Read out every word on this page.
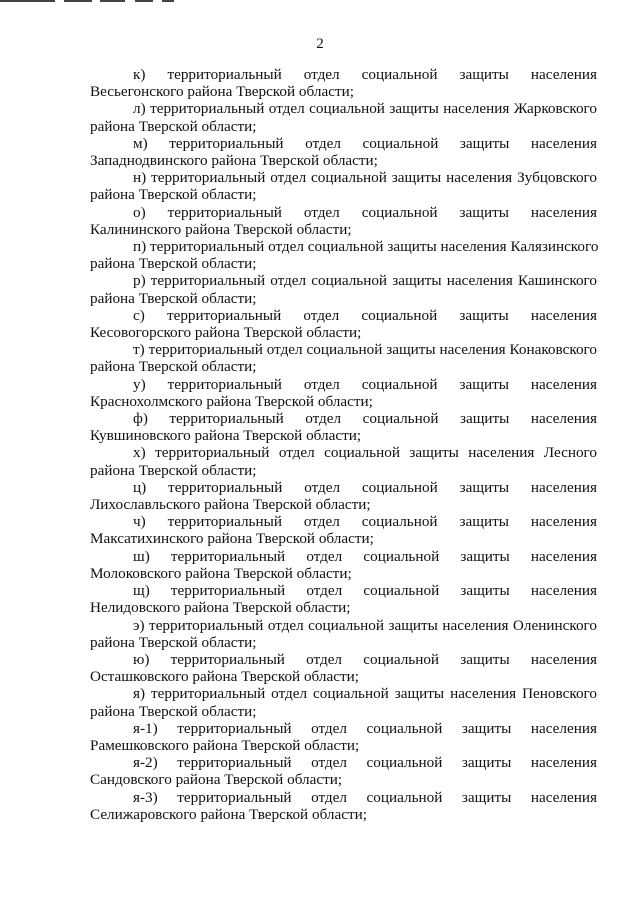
2
к) территориальный отдел социальной защиты населения
Весьегонского района Тверской области;
л) территориальный отдел социальной защиты населения Жарковского
района Тверской области;
м) территориальный отдел социальной защиты населения
Западнодвинского района Тверской области;
н) территориальный отдел социальной защиты населения Зубцовского
района Тверской области;
о) территориальный отдел социальной защиты населения
Калининского района Тверской области;
п) территориальный отдел социальной защиты населения Калязинского
района Тверской области;
р) территориальный отдел социальной защиты населения Кашинского
района Тверской области;
с) территориальный отдел социальной защиты населения
Кесовогорского района Тверской области;
т) территориальный отдел социальной защиты населения Конаковского
района Тверской области;
у) территориальный отдел социальной защиты населения
Краснохолмского района Тверской области;
ф) территориальный отдел социальной защиты населения
Кувшиновского района Тверской области;
х) территориальный отдел социальной защиты населения Лесного
района Тверской области;
ц) территориальный отдел социальной защиты населения
Лихославльского района Тверской области;
ч) территориальный отдел социальной защиты населения
Максатихинского района Тверской области;
ш) территориальный отдел социальной защиты населения
Молоковского района Тверской области;
щ) территориальный отдел социальной защиты населения
Нелидовского района Тверской области;
э) территориальный отдел социальной защиты населения Оленинского
района Тверской области;
ю) территориальный отдел социальной защиты населения
Осташковского района Тверской области;
я) территориальный отдел социальной защиты населения Пеновского
района Тверской области;
я-1) территориальный отдел социальной защиты населения
Рамешковского района Тверской области;
я-2) территориальный отдел социальной защиты населения
Сандовского района Тверской области;
я-3) территориальный отдел социальной защиты населения
Селижаровского района Тверской области;
